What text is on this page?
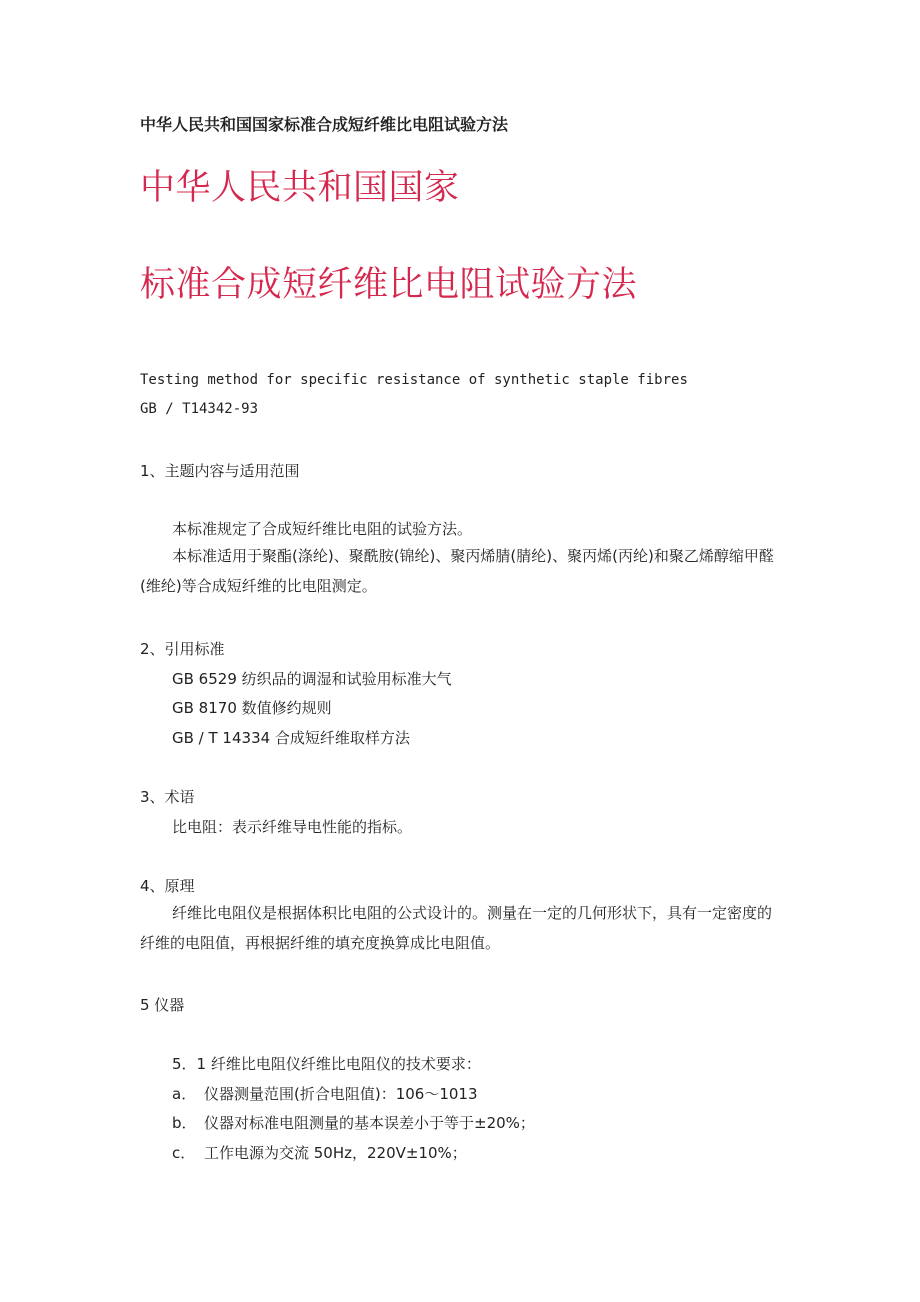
中华人民共和国国家标准合成短纤维比电阻试验方法
中华人民共和国国家
标准合成短纤维比电阻试验方法
Testing method for specific resistance of synthetic staple fibres
GB / T14342-93
1、主题内容与适用范围
本标准规定了合成短纤维比电阻的试验方法。
本标准适用于聚酯(涤纶)、聚酰胺(锦纶)、聚丙烯腈(腈纶)、聚丙烯(丙纶)和聚乙烯醇缩甲醛(维纶)等合成短纤维的比电阻测定。
2、引用标准
GB 6529 纺织品的调湿和试验用标准大气
GB 8170 数值修约规则
GB / T 14334 合成短纤维取样方法
3、术语
比电阻：表示纤维导电性能的指标。
4、原理
纤维比电阻仪是根据体积比电阻的公式设计的。测量在一定的几何形状下，具有一定密度的纤维的电阻值，再根据纤维的填充度换算成比电阻值。
5 仪器
5．1 纤维比电阻仪纤维比电阻仪的技术要求：
a． 仪器测量范围(折合电阻值)：106～1013
b． 仪器对标准电阻测量的基本误差小于等于±20%；
c． 工作电源为交流 50Hz，220V±10%；
